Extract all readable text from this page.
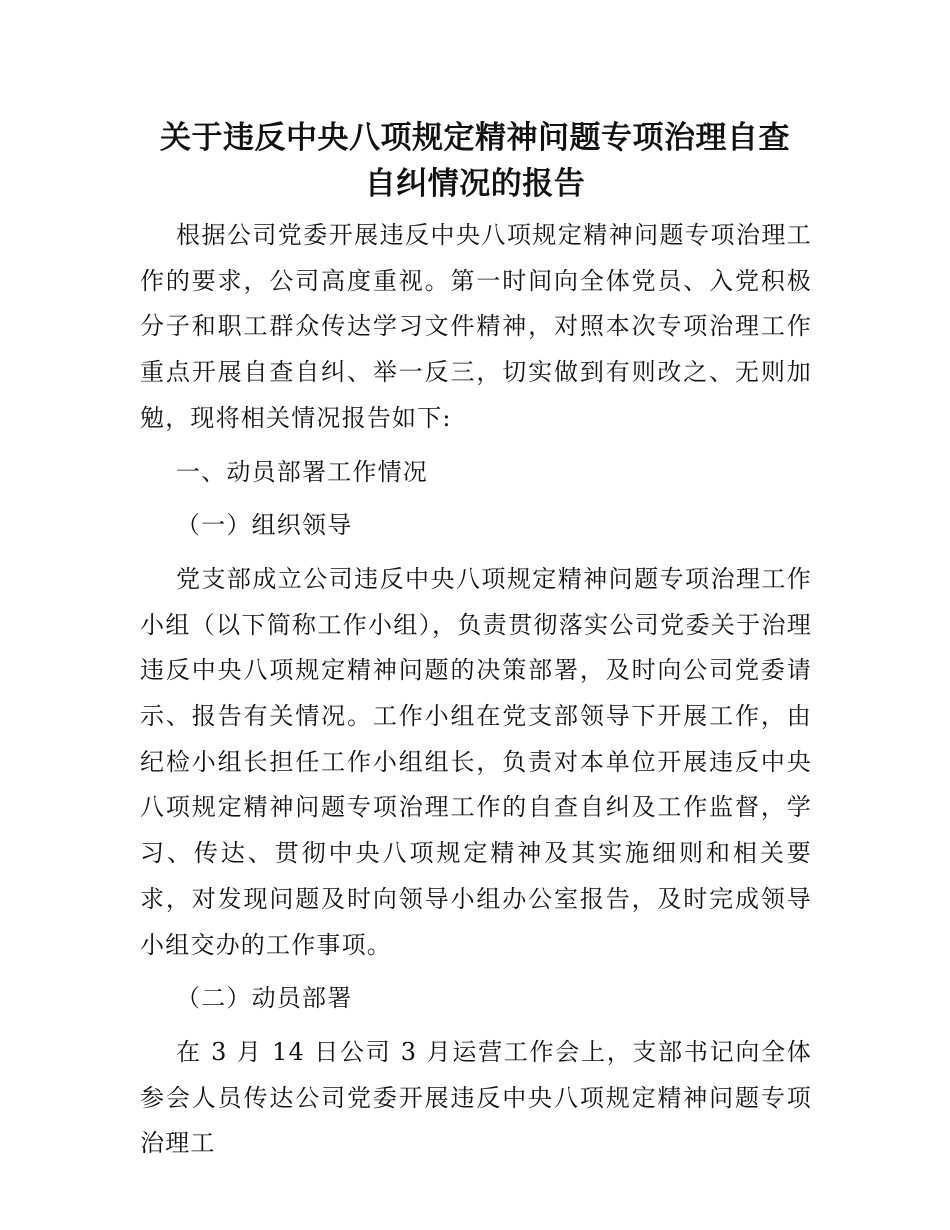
关于违反中央八项规定精神问题专项治理自查
自纠情况的报告

根据公司党委开展违反中央八项规定精神问题专项治理工作的要求，公司高度重视。第一时间向全体党员、入党积极分子和职工群众传达学习文件精神，对照本次专项治理工作重点开展自查自纠、举一反三，切实做到有则改之、无则加勉，现将相关情况报告如下:

一、动员部署工作情况

（一）组织领导

党支部成立公司违反中央八项规定精神问题专项治理工作小组（以下简称工作小组），负责贯彻落实公司党委关于治理违反中央八项规定精神问题的决策部署，及时向公司党委请示、报告有关情况。工作小组在党支部领导下开展工作，由纪检小组长担任工作小组组长，负责对本单位开展违反中央八项规定精神问题专项治理工作的自查自纠及工作监督，学习、传达、贯彻中央八项规定精神及其实施细则和相关要求，对发现问题及时向领导小组办公室报告，及时完成领导小组交办的工作事项。

（二）动员部署

在 3 月 14 日公司 3 月运营工作会上，支部书记向全体参会人员传达公司党委开展违反中央八项规定精神问题专项治理工
